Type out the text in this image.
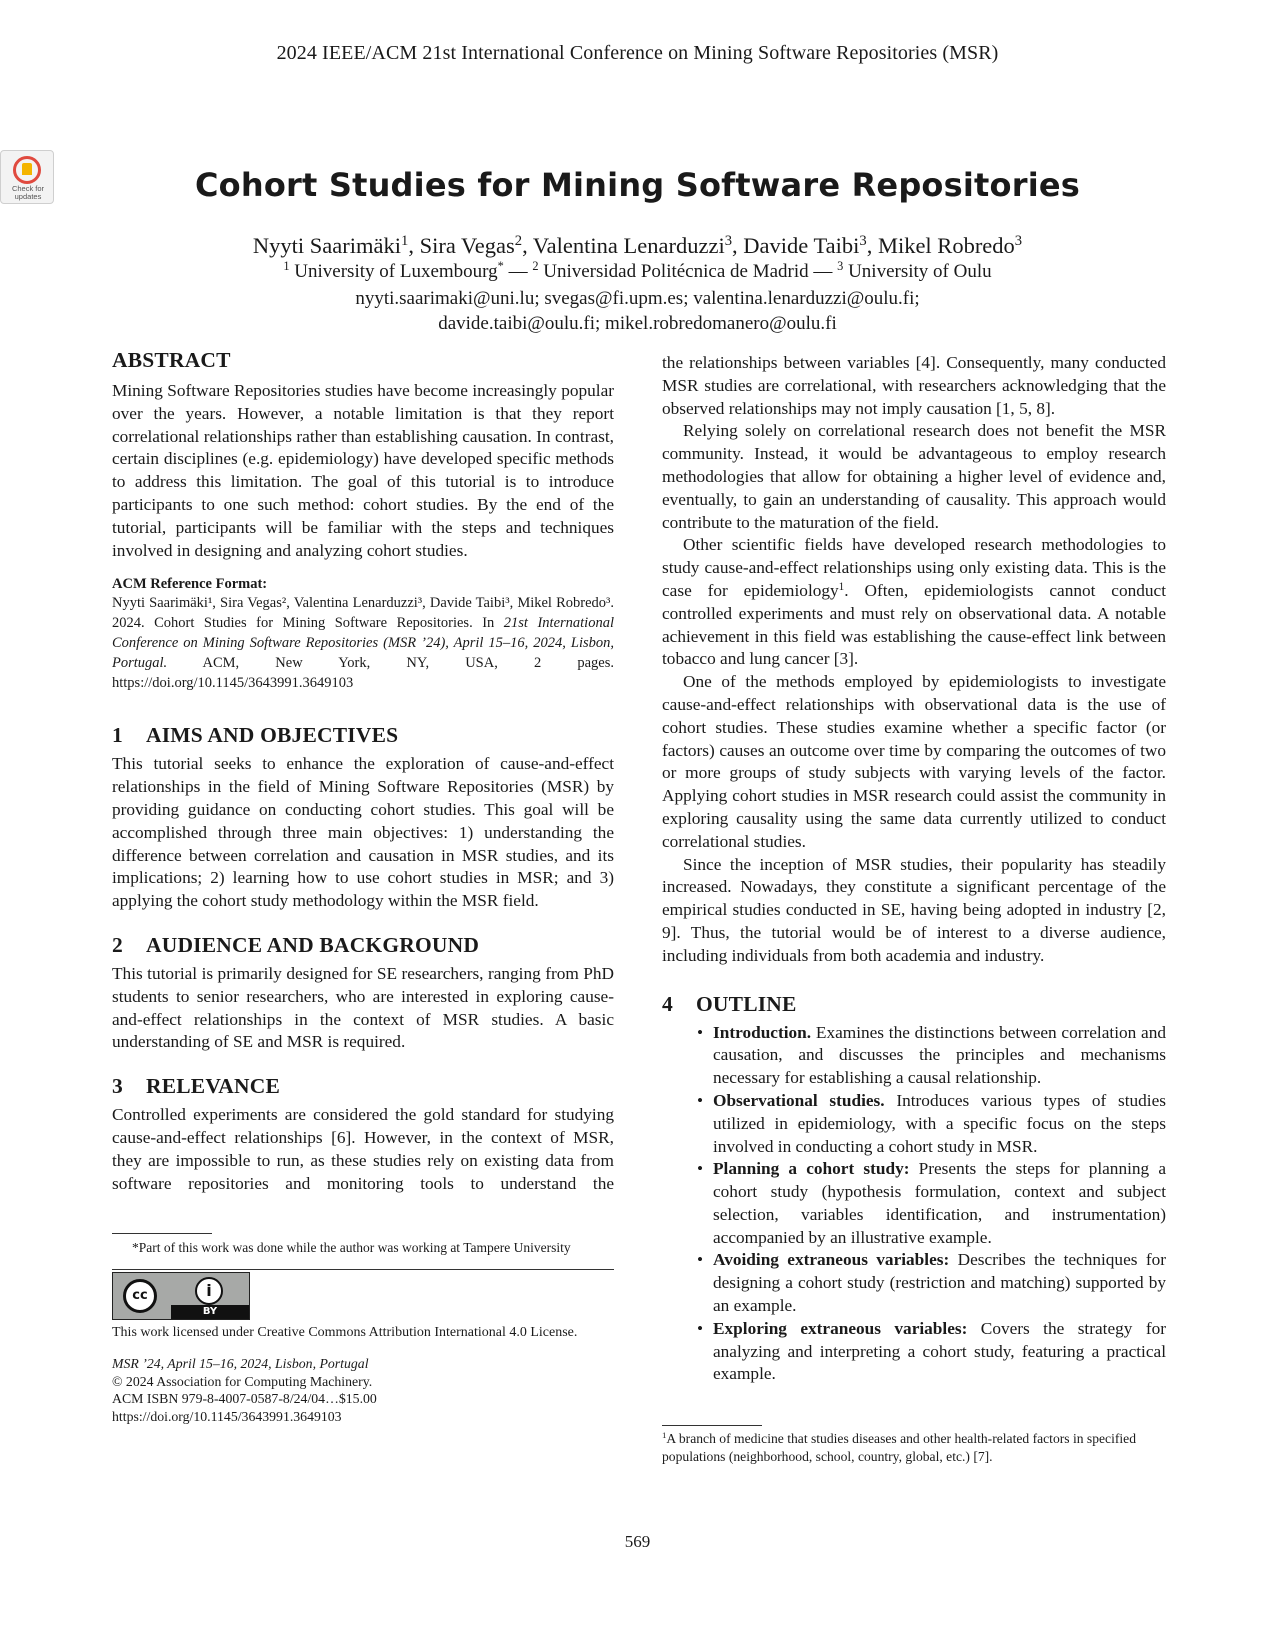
2024 IEEE/ACM 21st International Conference on Mining Software Repositories (MSR)
Check for
updates	Cohort Studies for Mining Software Repositories
Nyyti Saarimäki$^1$, Sira Vegas$^2$, Valentina Lenarduzzi$^3$, Davide Taibi$^3$, Mikel Robredo$^3$
$^1$ University of Luxembourg* — $^2$ Universidad Politécnica de Madrid — $^3$ University of Oulu
nyyti.saarimaki@uni.lu; svegas@fi.upm.es; valentina.lenarduzzi@oulu.fi;
davide.taibi@oulu.fi; mikel.robredomanero@oulu.fi
ABSTRACT

Mining Software Repositories studies have become increasingly popular over the years. However, a notable limitation is that they report correlational relationships rather than establishing causation. In contrast, certain disciplines (e.g. epidemiology) have developed specific methods to address this limitation. The goal of this tutorial is to introduce participants to one such method: cohort studies. By the end of the tutorial, participants will be familiar with the steps and techniques involved in designing and analyzing cohort studies.

ACM Reference Format:
Nyyti Saarimäki¹, Sira Vegas², Valentina Lenarduzzi³, Davide Taibi³, Mikel Robredo³. 2024. Cohort Studies for Mining Software Repositories. In 21st International Conference on Mining Software Repositories (MSR ’24), April 15–16, 2024, Lisbon, Portugal. ACM, New York, NY, USA, 2 pages. https://doi.org/10.1145/3643991.3649103
1 AIMS AND OBJECTIVES

This tutorial seeks to enhance the exploration of cause-and-effect relationships in the field of Mining Software Repositories (MSR) by providing guidance on conducting cohort studies. This goal will be accomplished through three main objectives: 1) understanding the difference between correlation and causation in MSR studies, and its implications; 2) learning how to use cohort studies in MSR; and 3) applying the cohort study methodology within the MSR field.

2 AUDIENCE AND BACKGROUND

This tutorial is primarily designed for SE researchers, ranging from PhD students to senior researchers, who are interested in exploring cause-and-effect relationships in the context of MSR studies. A basic understanding of SE and MSR is required.

3 RELEVANCE

Controlled experiments are considered the gold standard for studying cause-and-effect relationships [6]. However, in the context of MSR, they are impossible to run, as these studies rely on existing data from software repositories and monitoring tools to understand the

*Part of this work was done while the author was working at Tampere University
cc	i
BY
This work licensed under Creative Commons Attribution International 4.0 License.
MSR ’24, April 15–16, 2024, Lisbon, Portugal
© 2024 Association for Computing Machinery.
ACM ISBN 979-8-4007-0587-8/24/04…$15.00
https://doi.org/10.1145/3643991.3649103

the relationships between variables [4]. Consequently, many conducted MSR studies are correlational, with researchers acknowledging that the observed relationships may not imply causation [1, 5, 8].

Relying solely on correlational research does not benefit the MSR community. Instead, it would be advantageous to employ research methodologies that allow for obtaining a higher level of evidence and, eventually, to gain an understanding of causality. This approach would contribute to the maturation of the field.

Other scientific fields have developed research methodologies to study cause-and-effect relationships using only existing data. This is the case for epidemiology$^1$. Often, epidemiologists cannot conduct controlled experiments and must rely on observational data. A notable achievement in this field was establishing the cause-effect link between tobacco and lung cancer [3].

One of the methods employed by epidemiologists to investigate cause-and-effect relationships with observational data is the use of cohort studies. These studies examine whether a specific factor (or factors) causes an outcome over time by comparing the outcomes of two or more groups of study subjects with varying levels of the factor. Applying cohort studies in MSR research could assist the community in exploring causality using the same data currently utilized to conduct correlational studies.

Since the inception of MSR studies, their popularity has steadily increased. Nowadays, they constitute a significant percentage of the empirical studies conducted in SE, having being adopted in industry [2, 9]. Thus, the tutorial would be of interest to a diverse audience, including individuals from both academia and industry.

4 OUTLINE
• Introduction. Examines the distinctions between correlation and causation, and discusses the principles and mechanisms necessary for establishing a causal relationship.
• Observational studies. Introduces various types of studies utilized in epidemiology, with a specific focus on the steps involved in conducting a cohort study in MSR.
• Planning a cohort study: Presents the steps for planning a cohort study (hypothesis formulation, context and subject selection, variables identification, and instrumentation) accompanied by an illustrative example.
• Avoiding extraneous variables: Describes the techniques for designing a cohort study (restriction and matching) supported by an example.
• Exploring extraneous variables: Covers the strategy for analyzing and interpreting a cohort study, featuring a practical example.
$^1$A branch of medicine that studies diseases and other health-related factors in specified populations (neighborhood, school, country, global, etc.) [7].
569
